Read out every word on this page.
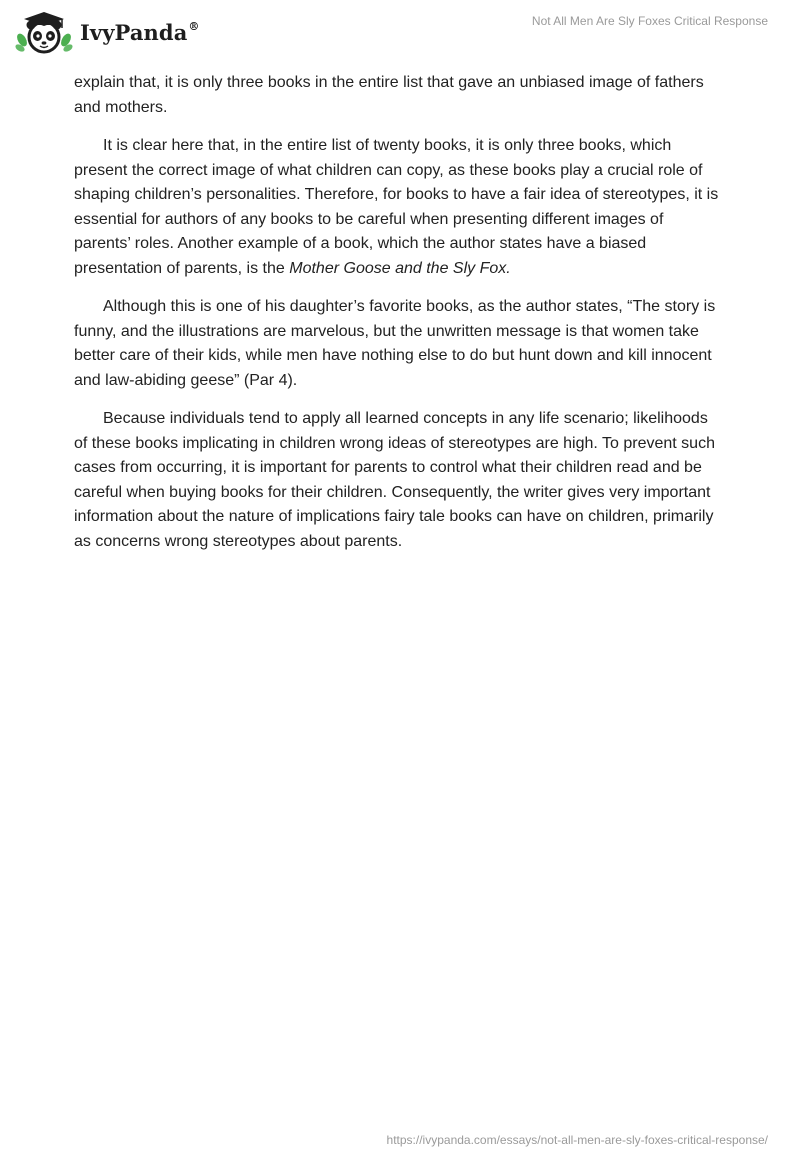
IvyPanda®	Not All Men Are Sly Foxes Critical Response

explain that, it is only three books in the entire list that gave an unbiased image of fathers and mothers.

It is clear here that, in the entire list of twenty books, it is only three books, which present the correct image of what children can copy, as these books play a crucial role of shaping children’s personalities. Therefore, for books to have a fair idea of stereotypes, it is essential for authors of any books to be careful when presenting different images of parents’ roles. Another example of a book, which the author states have a biased presentation of parents, is the Mother Goose and the Sly Fox.

Although this is one of his daughter’s favorite books, as the author states, “The story is funny, and the illustrations are marvelous, but the unwritten message is that women take better care of their kids, while men have nothing else to do but hunt down and kill innocent and law-abiding geese” (Par 4).

Because individuals tend to apply all learned concepts in any life scenario; likelihoods of these books implicating in children wrong ideas of stereotypes are high. To prevent such cases from occurring, it is important for parents to control what their children read and be careful when buying books for their children. Consequently, the writer gives very important information about the nature of implications fairy tale books can have on children, primarily as concerns wrong stereotypes about parents.

https://ivypanda.com/essays/not-all-men-are-sly-foxes-critical-response/
